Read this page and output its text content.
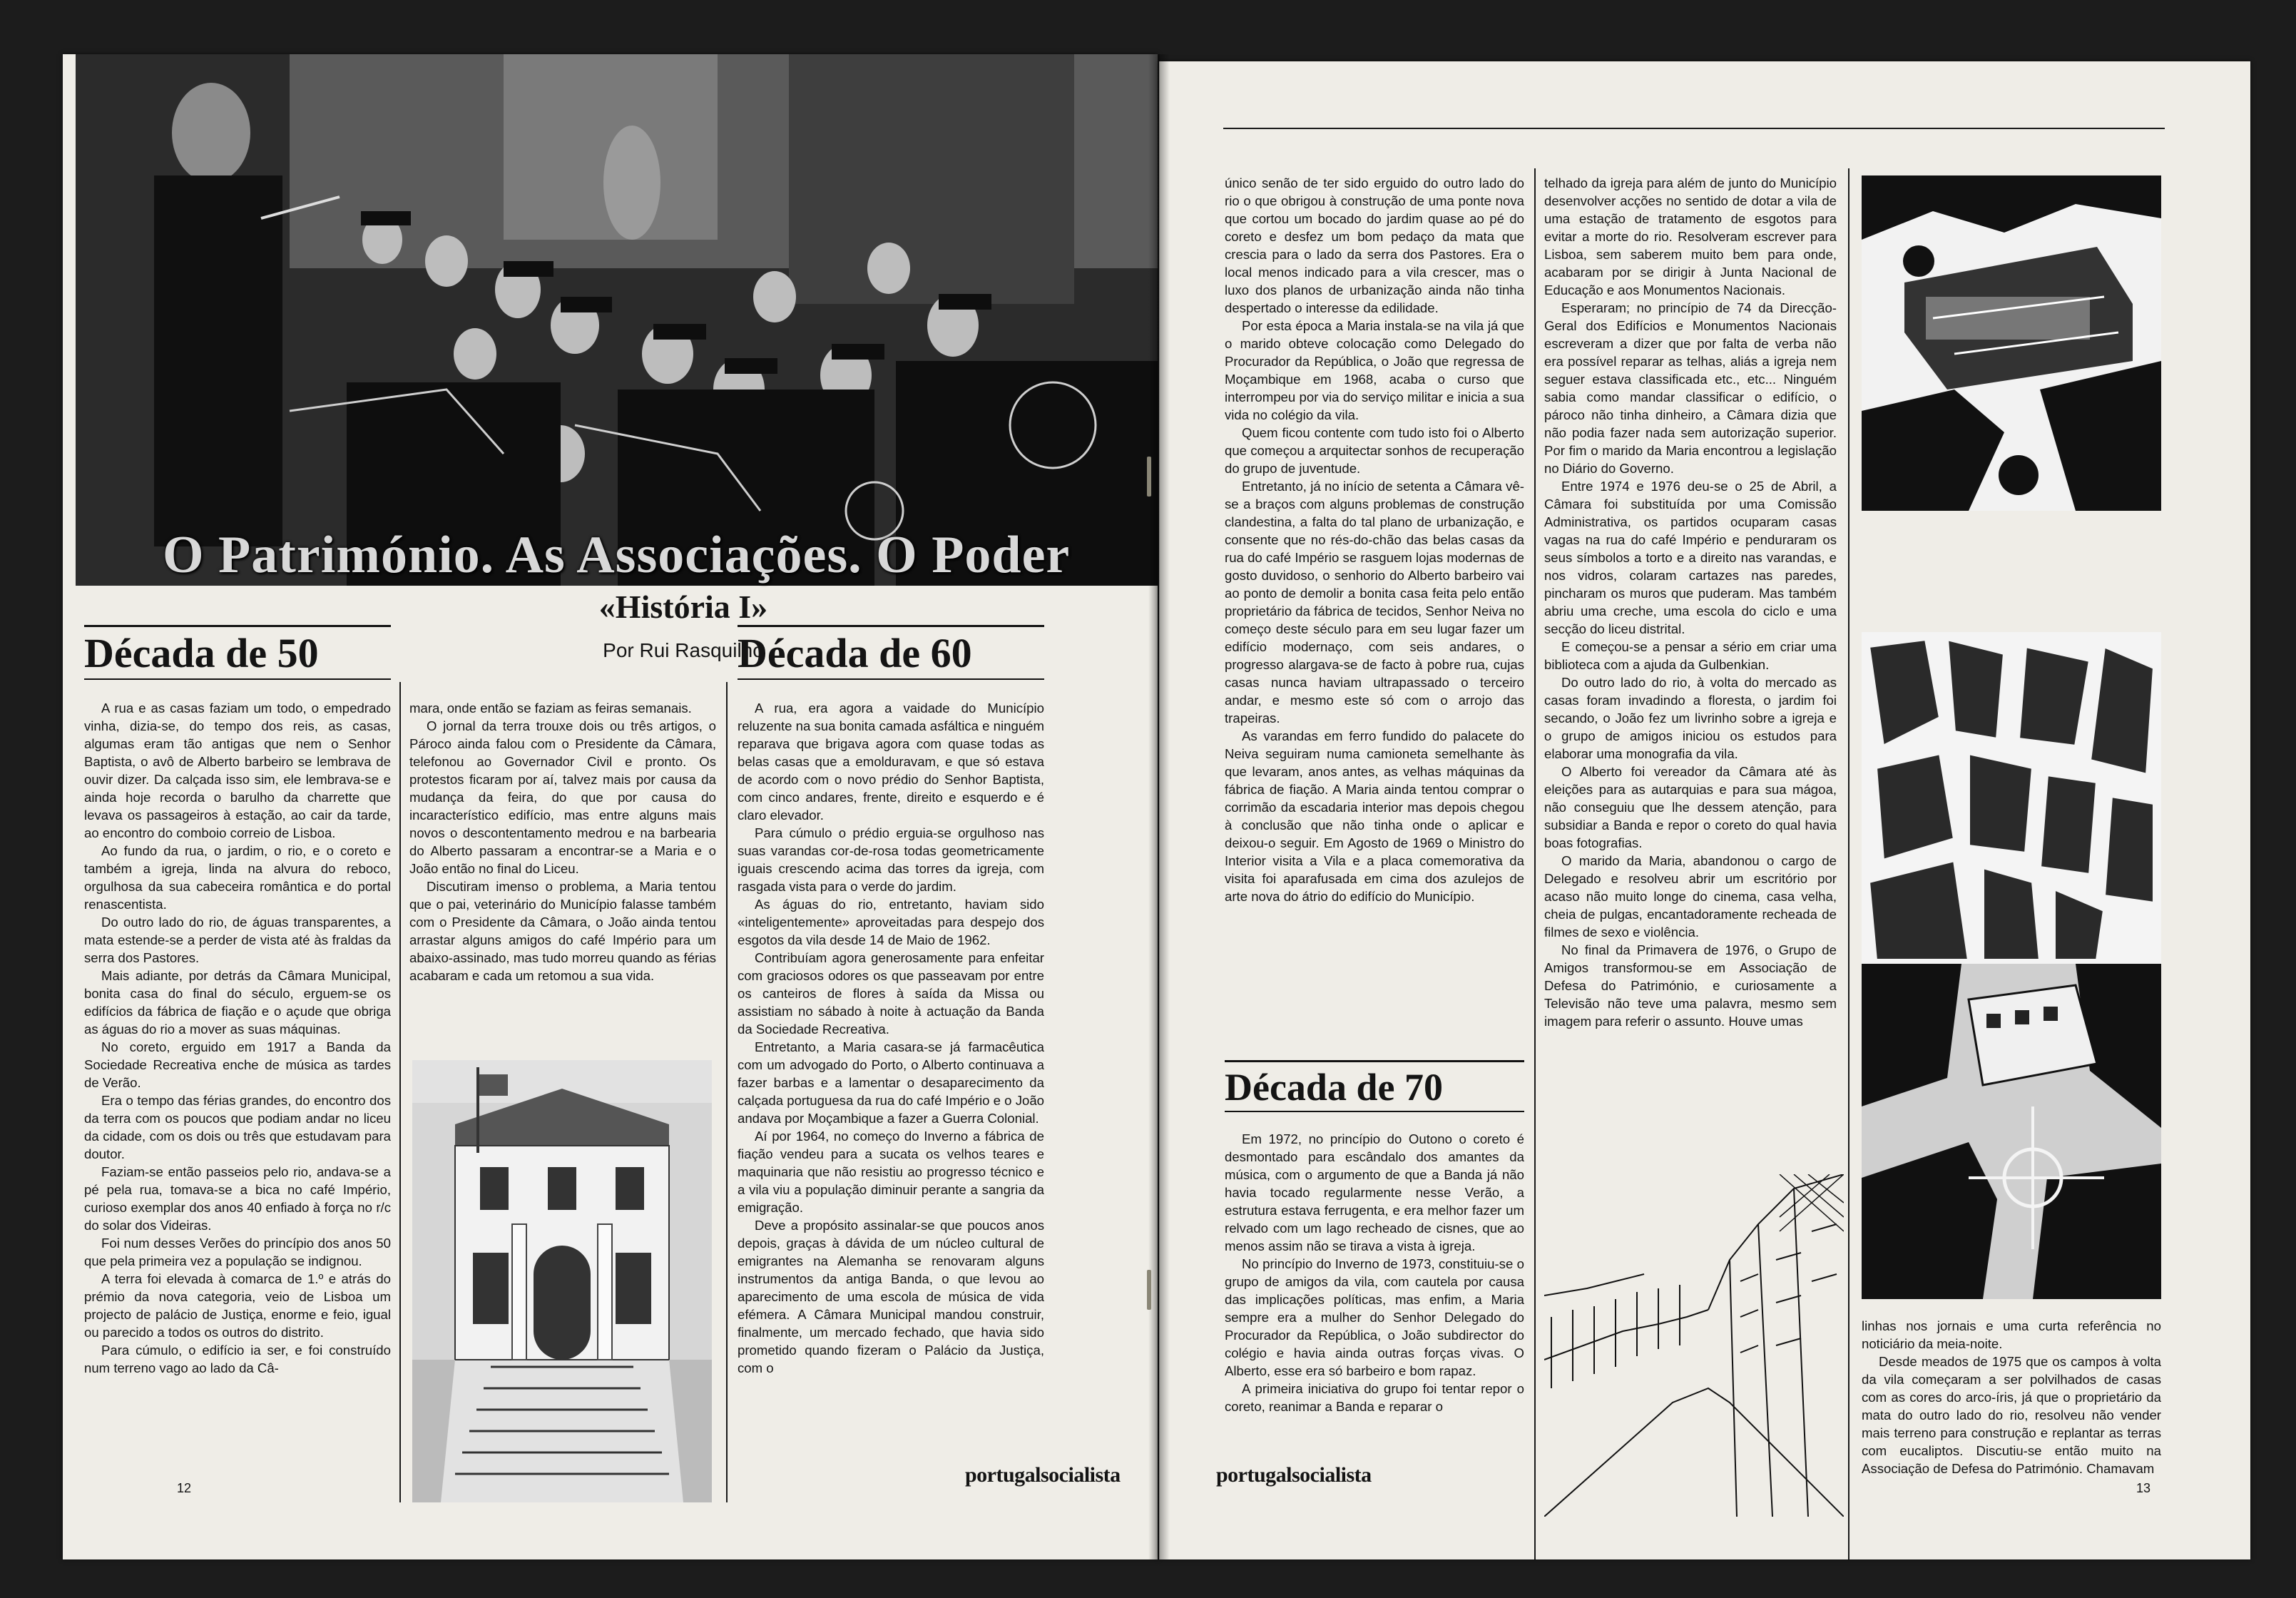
O Património. As Associações. O Poder
«História I»
Por Rui Rasquilho
Década de 50

A rua e as casas faziam um todo, o empedrado vinha, dizia-se, do tempo dos reis, as casas, algumas eram tão antigas que nem o Senhor Baptista, o avô de Alberto barbeiro se lembrava de ouvir dizer. Da calçada isso sim, ele lembrava-se e ainda hoje recorda o barulho da charrette que levava os passageiros à estação, ao cair da tarde, ao encontro do comboio correio de Lisboa.

Ao fundo da rua, o jardim, o rio, e o coreto e também a igreja, linda na alvura do reboco, orgulhosa da sua cabeceira romântica e do portal renascentista.

Do outro lado do rio, de águas transparentes, a mata estende-se a perder de vista até às fraldas da serra dos Pastores.

Mais adiante, por detrás da Câmara Municipal, bonita casa do final do século, erguem-se os edifícios da fábrica de fiação e o açude que obriga as águas do rio a mover as suas máquinas.

No coreto, erguido em 1917 a Banda da Sociedade Recreativa enche de música as tardes de Verão.

Era o tempo das férias grandes, do encontro dos da terra com os poucos que podiam andar no liceu da cidade, com os dois ou três que estudavam para doutor.

Faziam-se então passeios pelo rio, andava-se a pé pela rua, tomava-se a bica no café Império, curioso exemplar dos anos 40 enfiado à força no r/c do solar dos Videiras.

Foi num desses Verões do princípio dos anos 50 que pela primeira vez a população se indignou.

A terra foi elevada à comarca de 1.º e atrás do prémio da nova categoria, veio de Lisboa um projecto de palácio de Justiça, enorme e feio, igual ou parecido a todos os outros do distrito.

Para cúmulo, o edifício ia ser, e foi construído num terreno vago ao lado da Câ-

mara, onde então se faziam as feiras semanais.

O jornal da terra trouxe dois ou três artigos, o Pároco ainda falou com o Presidente da Câmara, telefonou ao Governador Civil e pronto. Os protestos ficaram por aí, talvez mais por causa da mudança da feira, do que por causa do incaracterístico edifício, mas entre alguns mais novos o descontentamento medrou e na barbearia do Alberto passaram a encontrar-se a Maria e o João então no final do Liceu.

Discutiram imenso o problema, a Maria tentou que o pai, veterinário do Município falasse também com o Presidente da Câmara, o João ainda tentou arrastar alguns amigos do café Império para um abaixo-assinado, mas tudo morreu quando as férias acabaram e cada um retomou a sua vida.

Década de 60

A rua, era agora a vaidade do Município reluzente na sua bonita camada asfáltica e ninguém reparava que brigava agora com quase todas as belas casas que a emolduravam, e que só estava de acordo com o novo prédio do Senhor Baptista, com cinco andares, frente, direito e esquerdo e é claro elevador.

Para cúmulo o prédio erguia-se orgulhoso nas suas varandas cor-de-rosa todas geometricamente iguais crescendo acima das torres da igreja, com rasgada vista para o verde do jardim.

As águas do rio, entretanto, haviam sido «inteligentemente» aproveitadas para despejo dos esgotos da vila desde 14 de Maio de 1962.

Contribuíam agora generosamente para enfeitar com graciosos odores os que passeavam por entre os canteiros de flores à saída da Missa ou assistiam no sábado à noite à actuação da Banda da Sociedade Recreativa.

Entretanto, a Maria casara-se já farmacêutica com um advogado do Porto, o Alberto continuava a fazer barbas e a lamentar o desaparecimento da calçada portuguesa da rua do café Império e o João andava por Moçambique a fazer a Guerra Colonial.

Aí por 1964, no começo do Inverno a fábrica de fiação vendeu para a sucata os velhos teares e maquinaria que não resistiu ao progresso técnico e a vila viu a população diminuir perante a sangria da emigração.

Deve a propósito assinalar-se que poucos anos depois, graças à dávida de um núcleo cultural de emigrantes na Alemanha se renovaram alguns instrumentos da antiga Banda, o que levou ao aparecimento de uma escola de música de vida efémera. A Câmara Municipal mandou construir, finalmente, um mercado fechado, que havia sido prometido quando fizeram o Palácio da Justiça, com o

12
portugalsocialista

único senão de ter sido erguido do outro lado do rio o que obrigou à construção de uma ponte nova que cortou um bocado do jardim quase ao pé do coreto e desfez um bom pedaço da mata que crescia para o lado da serra dos Pastores. Era o local menos indicado para a vila crescer, mas o luxo dos planos de urbanização ainda não tinha despertado o interesse da edilidade.

Por esta época a Maria instala-se na vila já que o marido obteve colocação como Delegado do Procurador da República, o João que regressa de Moçambique em 1968, acaba o curso que interrompeu por via do serviço militar e inicia a sua vida no colégio da vila.

Quem ficou contente com tudo isto foi o Alberto que começou a arquitectar sonhos de recuperação do grupo de juventude.

Entretanto, já no início de setenta a Câmara vê-se a braços com alguns problemas de construção clandestina, a falta do tal plano de urbanização, e consente que no rés-do-chão das belas casas da rua do café Império se rasguem lojas modernas de gosto duvidoso, o senhorio do Alberto barbeiro vai ao ponto de demolir a bonita casa feita pelo então proprietário da fábrica de tecidos, Senhor Neiva no começo deste século para em seu lugar fazer um edifício modernaço, com seis andares, o progresso alargava-se de facto à pobre rua, cujas casas nunca haviam ultrapassado o terceiro andar, e mesmo este só com o arrojo das trapeiras.

As varandas em ferro fundido do palacete do Neiva seguiram numa camioneta semelhante às que levaram, anos antes, as velhas máquinas da fábrica de fiação. A Maria ainda tentou comprar o corrimão da escadaria interior mas depois chegou à conclusão que não tinha onde o aplicar e deixou-o seguir. Em Agosto de 1969 o Ministro do Interior visita a Vila e a placa comemorativa da visita foi aparafusada em cima dos azulejos de arte nova do átrio do edifício do Município.

telhado da igreja para além de junto do Município desenvolver acções no sentido de dotar a vila de uma estação de tratamento de esgotos para evitar a morte do rio. Resolveram escrever para Lisboa, sem saberem muito bem para onde, acabaram por se dirigir à Junta Nacional de Educação e aos Monumentos Nacionais.

Esperaram; no princípio de 74 da Direcção-Geral dos Edifícios e Monumentos Nacionais escreveram a dizer que por falta de verba não era possível reparar as telhas, aliás a igreja nem seguer estava classificada etc., etc... Ninguém sabia como mandar classificar o edifício, o pároco não tinha dinheiro, a Câmara dizia que não podia fazer nada sem autorização superior. Por fim o marido da Maria encontrou a legislação no Diário do Governo.

Entre 1974 e 1976 deu-se o 25 de Abril, a Câmara foi substituída por uma Comissão Administrativa, os partidos ocuparam casas vagas na rua do café Império e penduraram os seus símbolos a torto e a direito nas varandas, e nos vidros, colaram cartazes nas paredes, pincharam os muros que puderam. Mas também abriu uma creche, uma escola do ciclo e uma secção do liceu distrital.

E começou-se a pensar a sério em criar uma biblioteca com a ajuda da Gulbenkian.

Do outro lado do rio, à volta do mercado as casas foram invadindo a floresta, o jardim foi secando, o João fez um livrinho sobre a igreja e o grupo de amigos iniciou os estudos para elaborar uma monografia da vila.

O Alberto foi vereador da Câmara até às eleições para as autarquias e para sua mágoa, não conseguiu que lhe dessem atenção, para subsidiar a Banda e repor o coreto do qual havia boas fotografias.

O marido da Maria, abandonou o cargo de Delegado e resolveu abrir um escritório por acaso não muito longe do cinema, casa velha, cheia de pulgas, encantadoramente recheada de filmes de sexo e violência.

No final da Primavera de 1976, o Grupo de Amigos transformou-se em Associação de Defesa do Património, e curiosamente a Televisão não teve uma palavra, mesmo sem imagem para referir o assunto. Houve umas

Década de 70

Em 1972, no princípio do Outono o coreto é desmontado para escândalo dos amantes da música, com o argumento de que a Banda já não havia tocado regularmente nesse Verão, a estrutura estava ferrugenta, e era melhor fazer um relvado com um lago recheado de cisnes, que ao menos assim não se tirava a vista à igreja.

No princípio do Inverno de 1973, constituiu-se o grupo de amigos da vila, com cautela por causa das implicações políticas, mas enfim, a Maria sempre era a mulher do Senhor Delegado do Procurador da República, o João subdirector do colégio e havia ainda outras forças vivas. O Alberto, esse era só barbeiro e bom rapaz.

A primeira iniciativa do grupo foi tentar repor o coreto, reanimar a Banda e reparar o

linhas nos jornais e uma curta referência no noticiário da meia-noite.

Desde meados de 1975 que os campos à volta da vila começaram a ser polvilhados de casas com as cores do arco-íris, já que o proprietário da mata do outro lado do rio, resolveu não vender mais terreno para construção e replantar as terras com eucaliptos. Discutiu-se então muito na Associação de Defesa do Património. Chamavam

portugalsocialista
13
